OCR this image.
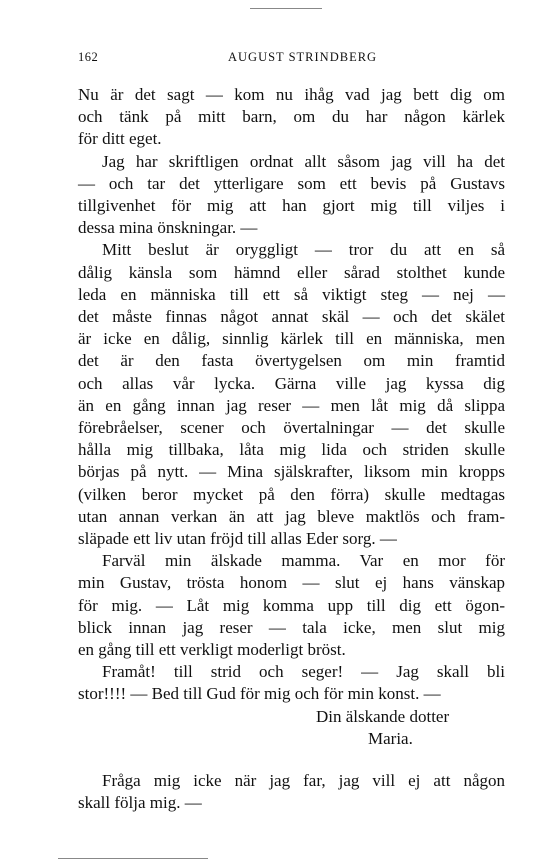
162	AUGUST STRINDBERG
Nu är det sagt — kom nu ihåg vad jag bett dig om
och tänk på mitt barn, om du har någon kärlek
för ditt eget.
Jag har skriftligen ordnat allt såsom jag vill ha det
— och tar det ytterligare som ett bevis på Gustavs
tillgivenhet för mig att han gjort mig till viljes i
dessa mina önskningar. —
Mitt beslut är oryggligt — tror du att en så
dålig känsla som hämnd eller sårad stolthet kunde
leda en människa till ett så viktigt steg — nej —
det måste finnas något annat skäl — och det skälet
är icke en dålig, sinnlig kärlek till en människa, men
det är den fasta övertygelsen om min framtid
och allas vår lycka. Gärna ville jag kyssa dig
än en gång innan jag reser — men låt mig då slippa
förebråelser, scener och övertalningar — det skulle
hålla mig tillbaka, låta mig lida och striden skulle
börjas på nytt. — Mina själskrafter, liksom min kropps
(vilken beror mycket på den förra) skulle medtagas
utan annan verkan än att jag bleve maktlös och fram-
släpade ett liv utan fröjd till allas Eder sorg. —
Farväl min älskade mamma. Var en mor för
min Gustav, trösta honom — slut ej hans vänskap
för mig. — Låt mig komma upp till dig ett ögon-
blick innan jag reser — tala icke, men slut mig
en gång till ett verkligt moderligt bröst.
Framåt! till strid och seger! — Jag skall bli
stor!!!! — Bed till Gud för mig och för min konst. —
Din älskande dotter
Maria.
Fråga mig icke när jag far, jag vill ej att någon
skall följa mig. —
